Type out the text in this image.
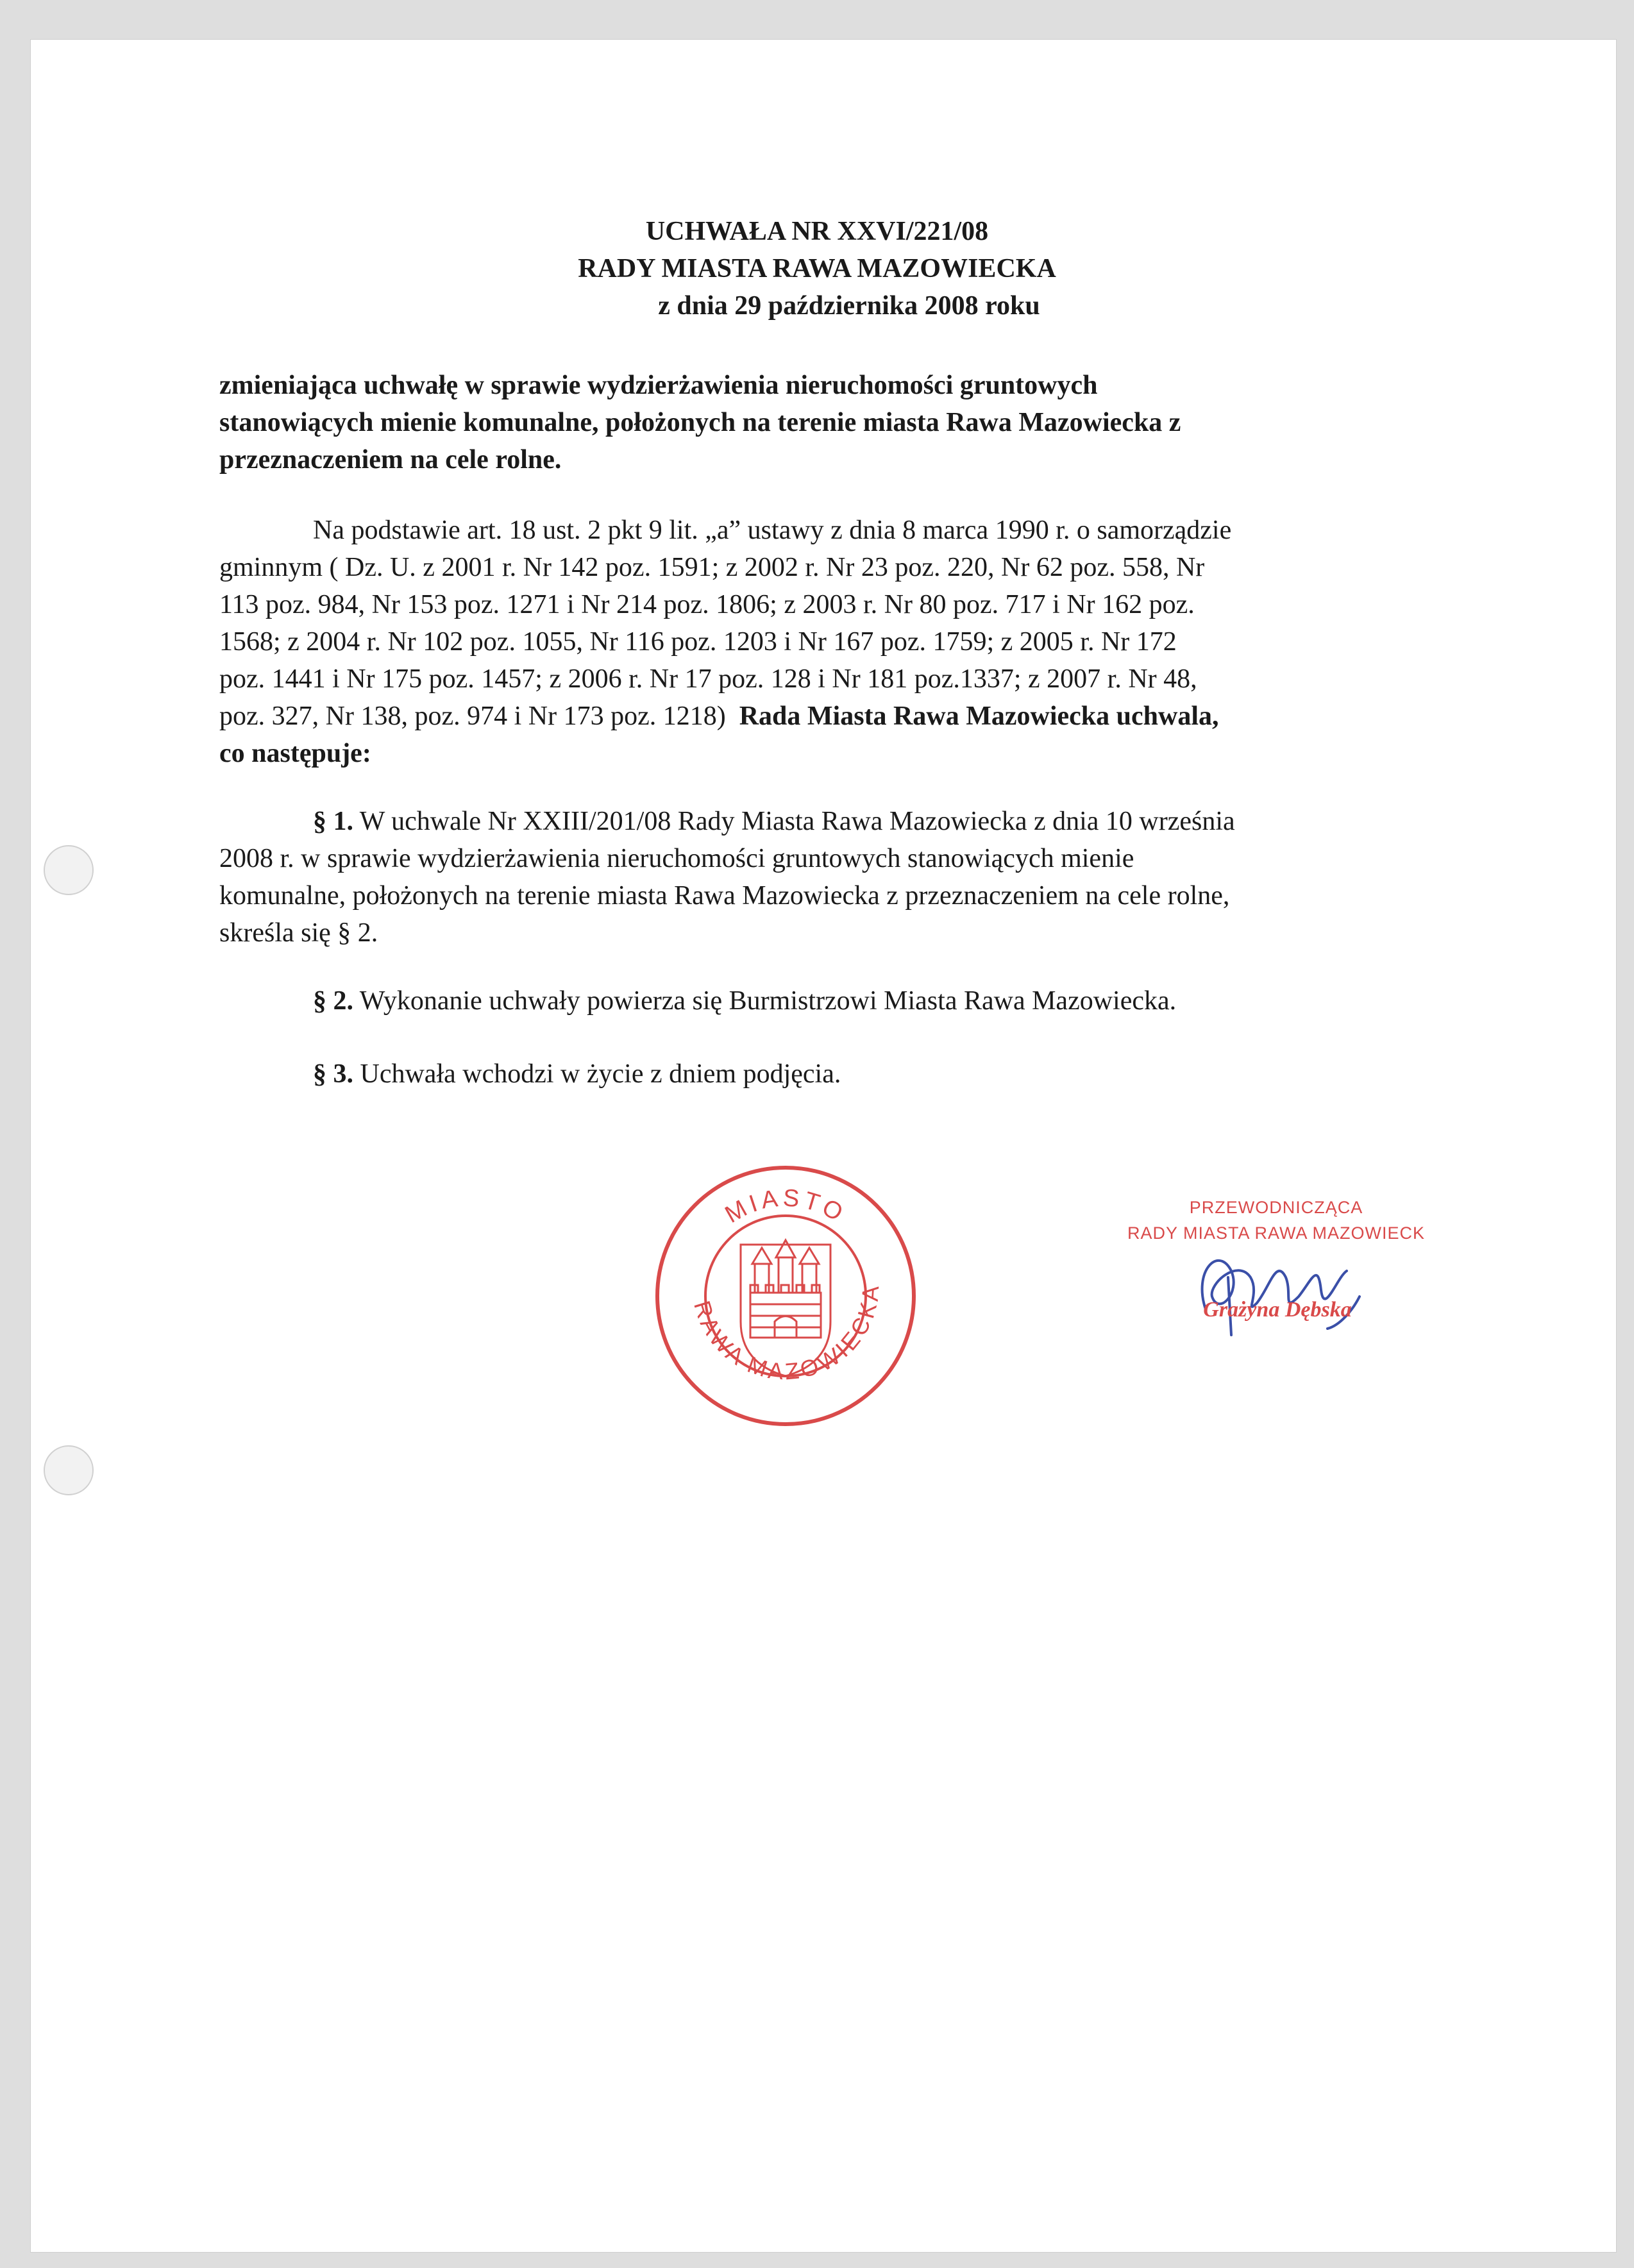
UCHWAŁA NR XXVI/221/08
RADY MIASTA RAWA MAZOWIECKA
z dnia 29 października 2008 roku
zmieniająca uchwałę w sprawie wydzierżawienia nieruchomości gruntowych
stanowiących mienie komunalne, położonych na terenie miasta Rawa Mazowiecka z
przeznaczeniem na cele rolne.
Na podstawie art. 18 ust. 2 pkt 9 lit. „a” ustawy z dnia 8 marca 1990 r. o samorządzie
gminnym ( Dz. U. z 2001 r. Nr 142 poz. 1591; z 2002 r. Nr 23 poz. 220, Nr 62 poz. 558, Nr
113 poz. 984, Nr 153 poz. 1271 i Nr 214 poz. 1806; z 2003 r. Nr 80 poz. 717 i Nr 162 poz.
1568; z 2004 r. Nr 102 poz. 1055, Nr 116 poz. 1203 i Nr 167 poz. 1759; z 2005 r. Nr 172
poz. 1441 i Nr 175 poz. 1457; z 2006 r. Nr 17 poz. 128 i Nr 181 poz.1337; z 2007 r. Nr 48,
poz. 327, Nr 138, poz. 974 i Nr 173 poz. 1218) Rada Miasta Rawa Mazowiecka uchwala,
co następuje:
§ 1. W uchwale Nr XXIII/201/08 Rady Miasta Rawa Mazowiecka z dnia 10 września
2008 r. w sprawie wydzierżawienia nieruchomości gruntowych stanowiących mienie
komunalne, położonych na terenie miasta Rawa Mazowiecka z przeznaczeniem na cele rolne,
skreśla się § 2.
§ 2. Wykonanie uchwały powierza się Burmistrzowi Miasta Rawa Mazowiecka.
§ 3. Uchwała wchodzi w życie z dniem podjęcia.
MIASTO
RAWA
MAZOWIECKA
PRZEWODNICZĄCA
RADY MIASTA RAWA MAZOWIECK
Grażyna Dębska
